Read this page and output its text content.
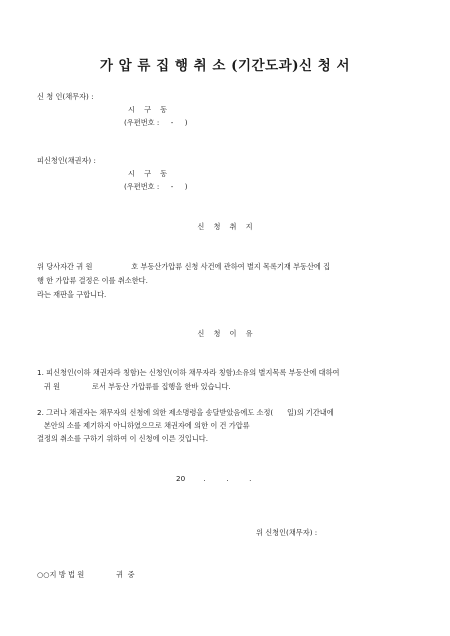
가 압 류 집 행 취 소 (기간도과)신 청 서
신 청 인(채무자) :
시    구    동
(우편번호 :     -     )
피신청인(채권자) :
시    구    동
(우편번호 :     -     )
신    청    취    지
위 당사자간 귀 원                 호 부동산가압류 신청 사건에 관하여 별지 목록기재 부동산에 집
행 한 가압류 결정은 이를 취소한다.
라는 재판을 구합니다.
신    청    이    유
1. 피신청인(이하 채권자라 칭함)는 신청인(이하 채무자라 칭함)소유의 별지목록 부동산에 대하여
귀 원              로서 부동산 가압류를 집행을 한바 있습니다.
2. 그러나 채권자는 채무자의 신청에 의한 제소명령을 송달받았음에도 소정(      일)의 기간내에
본안의 소를 제기하지 아니하였으므로 채권자에 의한 이 건 가압류
결정의 취소를 구하기 위하여 이 신청에 이른 것입니다.
20        .         .         .
위 신청인(채무자) :
○○지 방 법 원              귀  중
